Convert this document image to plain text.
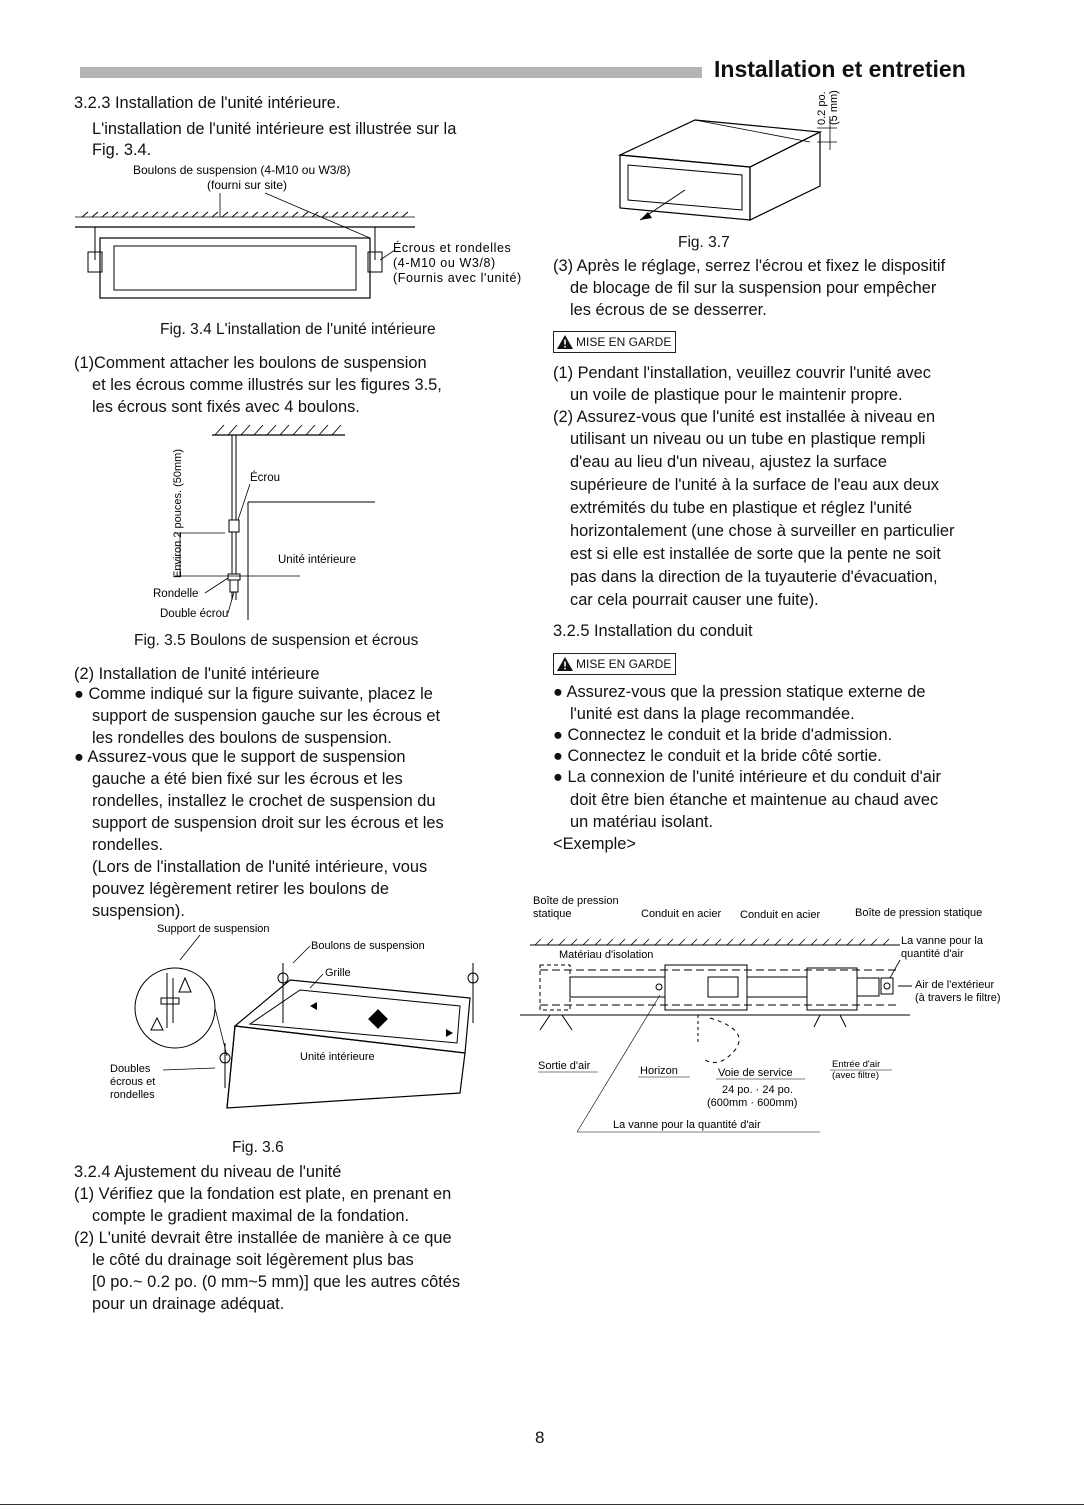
Installation et entretien
3.2.3 Installation de l'unité intérieure.
L'installation de l'unité intérieure est illustrée sur la
Fig. 3.4.
Boulons de suspension (4-M10 ou W3/8)
(fourni sur site)
Écrous et rondelles
(4-M10 ou W3/8)
(Fournis avec l'unité)
Fig. 3.4 L'installation de l'unité intérieure
(1)Comment attacher les boulons de suspension
et les écrous comme illustrés sur les figures 3.5,
les écrous sont fixés avec 4 boulons.
Environ 2 pouces. (50mm)	Écrou
Unité intérieure
Rondelle
Double écrou
Fig. 3.5 Boulons de suspension et écrous
(2) Installation de l'unité intérieure
● Comme indiqué sur la figure suivante, placez le
support de suspension gauche sur les écrous et
les rondelles des boulons de suspension.
● Assurez-vous que le support de suspension
gauche a été bien fixé sur les écrous et les
rondelles, installez le crochet de suspension du
support de suspension droit sur les écrous et les
rondelles.
(Lors de l'installation de l'unité intérieure, vous
pouvez légèrement retirer les boulons de
suspension).
Support de suspension
Doubles
écrous et
rondelles
Boulons de suspension
Grille
Unité intérieure
Fig. 3.6
3.2.4 Ajustement du niveau de l'unité
(1) Vérifiez que la fondation est plate, en prenant en
compte le gradient maximal de la fondation.
(2) L'unité devrait être installée de manière à ce que
le côté du drainage soit légèrement plus bas
[0 po.~ 0.2 po. (0 mm~5 mm)] que les autres côtés
pour un drainage adéquat.
0.2 po. (5 mm)
Fig. 3.7
(3) Après le réglage, serrez l'écrou et fixez le dispositif
de blocage de fil sur la suspension pour empêcher
les écrous de se desserrer.
MISE EN GARDE
(1) Pendant l'installation, veuillez couvrir l'unité avec
un voile de plastique pour le maintenir propre.
(2) Assurez-vous que l'unité est installée à niveau en
utilisant un niveau ou un tube en plastique rempli
d'eau au lieu d'un niveau, ajustez la surface
supérieure de l'unité à la surface de l'eau aux deux
extrémités du tube en plastique et réglez l'unité
horizontalement (une chose à surveiller en particulier
est si elle est installée de sorte que la pente ne soit
pas dans la direction de la tuyauterie d'évacuation,
car cela pourrait causer une fuite).
3.2.5 Installation du conduit
MISE EN GARDE
● Assurez-vous que la pression statique externe de
l'unité est dans la plage recommandée.
● Connectez le conduit et la bride d'admission.
● Connectez le conduit et la bride côté sortie.
● La connexion de l'unité intérieure et du conduit d'air
doit être bien étanche et maintenue au chaud avec
un matériau isolant.
<Exemple>
Boîte de pression
statique	Conduit en acier Conduit en acier	Boîte de pression statique
Matériau d'isolation
La vanne pour la
quantité d'air
Air de l'extérieur
(à travers le filtre)
Sortie d'air	Horizon	Voie de service
24 po. · 24 po.
(600mm · 600mm)
Entrée d'air
(avec filtre)
La vanne pour la quantité d'air
8
